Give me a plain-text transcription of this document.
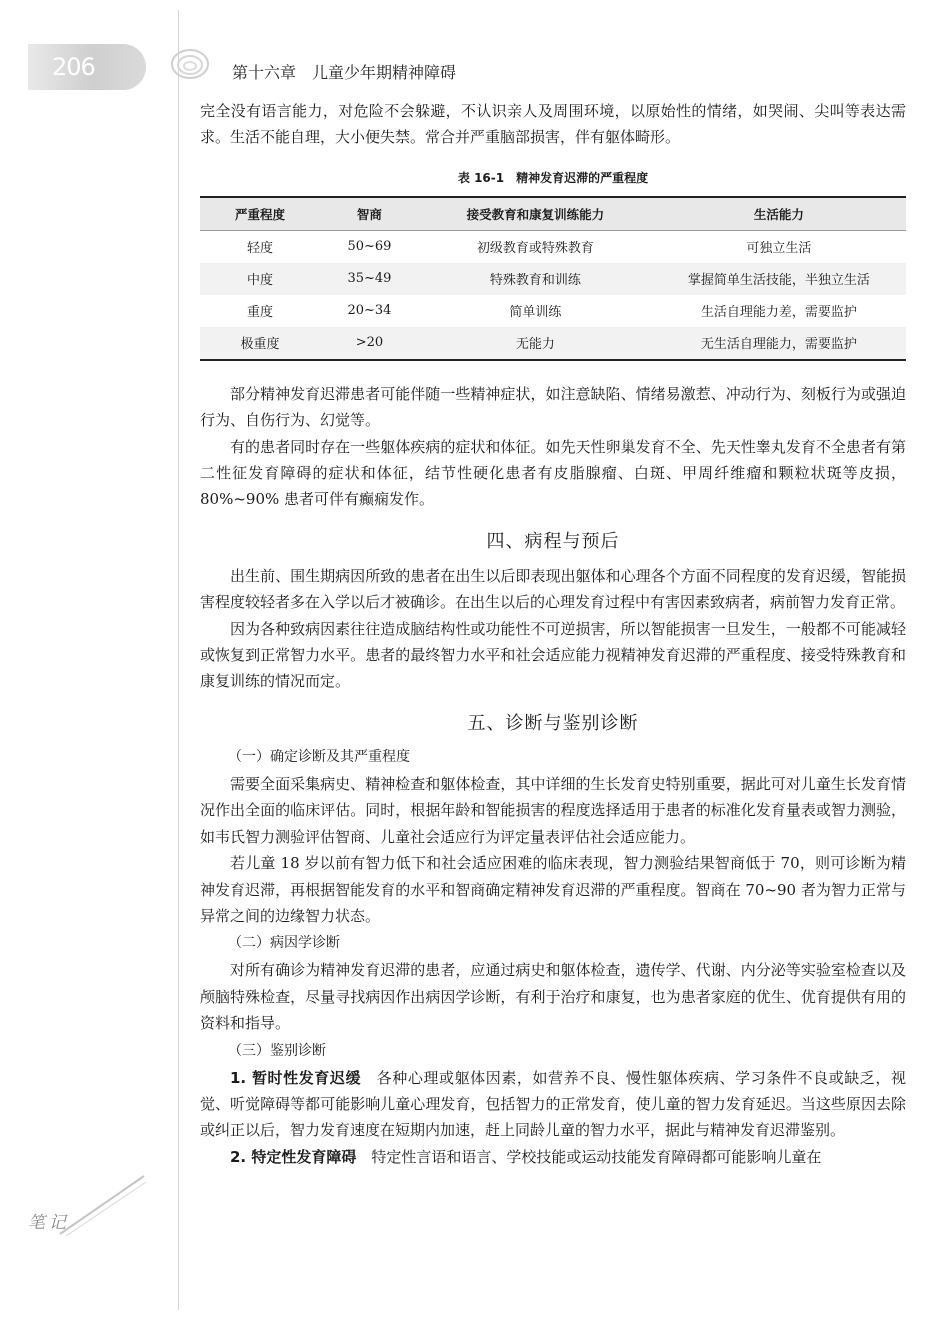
206	第十六章　儿童少年期精神障碍

完全没有语言能力，对危险不会躲避，不认识亲人及周围环境，以原始性的情绪，如哭闹、尖叫等表达需求。生活不能自理，大小便失禁。常合并严重脑部损害，伴有躯体畸形。

表 16-1　精神发育迟滞的严重程度
严重程度	智商	接受教育和康复训练能力	生活能力
轻度	50~69	初级教育或特殊教育	可独立生活
中度	35~49	特殊教育和训练	掌握简单生活技能，半独立生活
重度	20~34	简单训练	生活自理能力差，需要监护
极重度	>20	无能力	无生活自理能力，需要监护

部分精神发育迟滞患者可能伴随一些精神症状，如注意缺陷、情绪易激惹、冲动行为、刻板行为或强迫行为、自伤行为、幻觉等。

有的患者同时存在一些躯体疾病的症状和体征。如先天性卵巢发育不全、先天性睾丸发育不全患者有第二性征发育障碍的症状和体征，结节性硬化患者有皮脂腺瘤、白斑、甲周纤维瘤和颗粒状斑等皮损，80%~90% 患者可伴有癫痫发作。

四、病程与预后

出生前、围生期病因所致的患者在出生以后即表现出躯体和心理各个方面不同程度的发育迟缓，智能损害程度较轻者多在入学以后才被确诊。在出生以后的心理发育过程中有害因素致病者，病前智力发育正常。

因为各种致病因素往往造成脑结构性或功能性不可逆损害，所以智能损害一旦发生，一般都不可能减轻或恢复到正常智力水平。患者的最终智力水平和社会适应能力视精神发育迟滞的严重程度、接受特殊教育和康复训练的情况而定。

五、诊断与鉴别诊断
（一）确定诊断及其严重程度

需要全面采集病史、精神检查和躯体检查，其中详细的生长发育史特别重要，据此可对儿童生长发育情况作出全面的临床评估。同时，根据年龄和智能损害的程度选择适用于患者的标准化发育量表或智力测验，如韦氏智力测验评估智商、儿童社会适应行为评定量表评估社会适应能力。

若儿童 18 岁以前有智力低下和社会适应困难的临床表现，智力测验结果智商低于 70，则可诊断为精神发育迟滞，再根据智能发育的水平和智商确定精神发育迟滞的严重程度。智商在 70~90 者为智力正常与异常之间的边缘智力状态。

（二）病因学诊断

对所有确诊为精神发育迟滞的患者，应通过病史和躯体检查，遗传学、代谢、内分泌等实验室检查以及颅脑特殊检查，尽量寻找病因作出病因学诊断，有利于治疗和康复，也为患者家庭的优生、优育提供有用的资料和指导。

（三）鉴别诊断

1. 暂时性发育迟缓　 各种心理或躯体因素，如营养不良、慢性躯体疾病、学习条件不良或缺乏，视觉、听觉障碍等都可能影响儿童心理发育，包括智力的正常发育，使儿童的智力发育延迟。当这些原因去除或纠正以后，智力发育速度在短期内加速，赶上同龄儿童的智力水平，据此与精神发育迟滞鉴别。

2. 特定性发育障碍　 特定性言语和语言、学校技能或运动技能发育障碍都可能影响儿童在

笔记
